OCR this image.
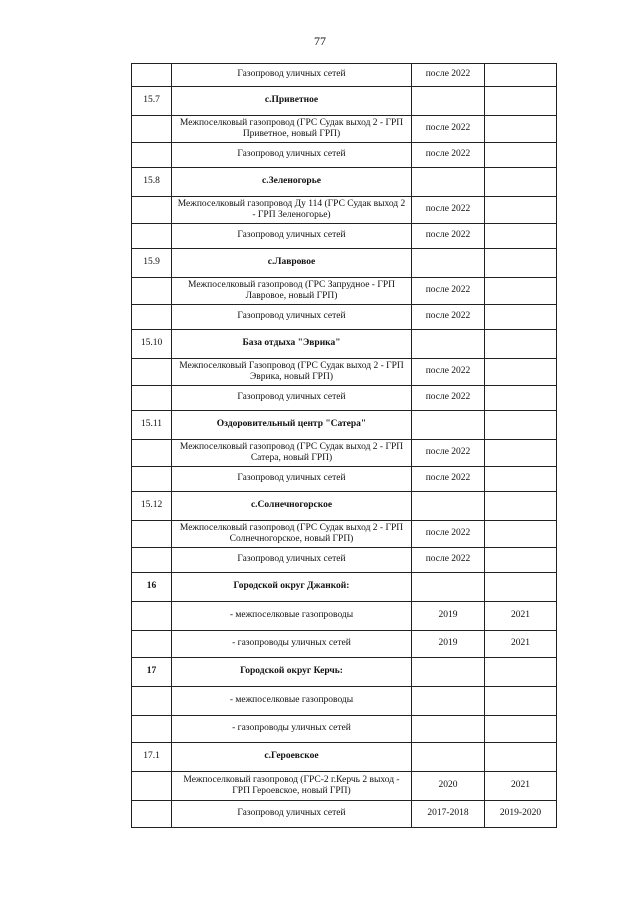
77
	Газопровод уличных сетей	после 2022	
15.7	с.Приветное		
	Межпоселковый газопровод (ГРС Судак выход 2 - ГРП Приветное, новый ГРП)	после 2022	
	Газопровод уличных сетей	после 2022	
15.8	с.Зеленогорье		
	Межпоселковый газопровод Ду 114 (ГРС Судак выход 2 - ГРП Зеленогорье)	после 2022	
	Газопровод уличных сетей	после 2022	
15.9	с.Лавровое		
	Межпоселковый газопровод (ГРС Запрудное - ГРП Лавровое, новый ГРП)	после 2022	
	Газопровод уличных сетей	после 2022	
15.10	База отдыха "Эврика"		
	Межпоселковый Газопровод (ГРС Судак выход 2 - ГРП Эврика, новый ГРП)	после 2022	
	Газопровод уличных сетей	после 2022	
15.11	Оздоровительный центр "Сатера"		
	Межпоселковый газопровод (ГРС Судак выход 2 - ГРП Сатера, новый ГРП)	после 2022	
	Газопровод уличных сетей	после 2022	
15.12	с.Солнечногорское		
	Межпоселковый газопровод (ГРС Судак выход 2 - ГРП Солнечногорское, новый ГРП)	после 2022	
	Газопровод уличных сетей	после 2022	
16	Городской округ Джанкой:		
	- межпоселковые газопроводы	2019	2021
	- газопроводы уличных сетей	2019	2021
17	Городской округ Керчь:		
	- межпоселковые газопроводы		
	- газопроводы уличных сетей		
17.1	с.Героевское		
	Межпоселковый газопровод (ГРС-2 г.Керчь 2 выход - ГРП Героевское, новый ГРП)	2020	2021
	Газопровод уличных сетей	2017-2018	2019-2020
